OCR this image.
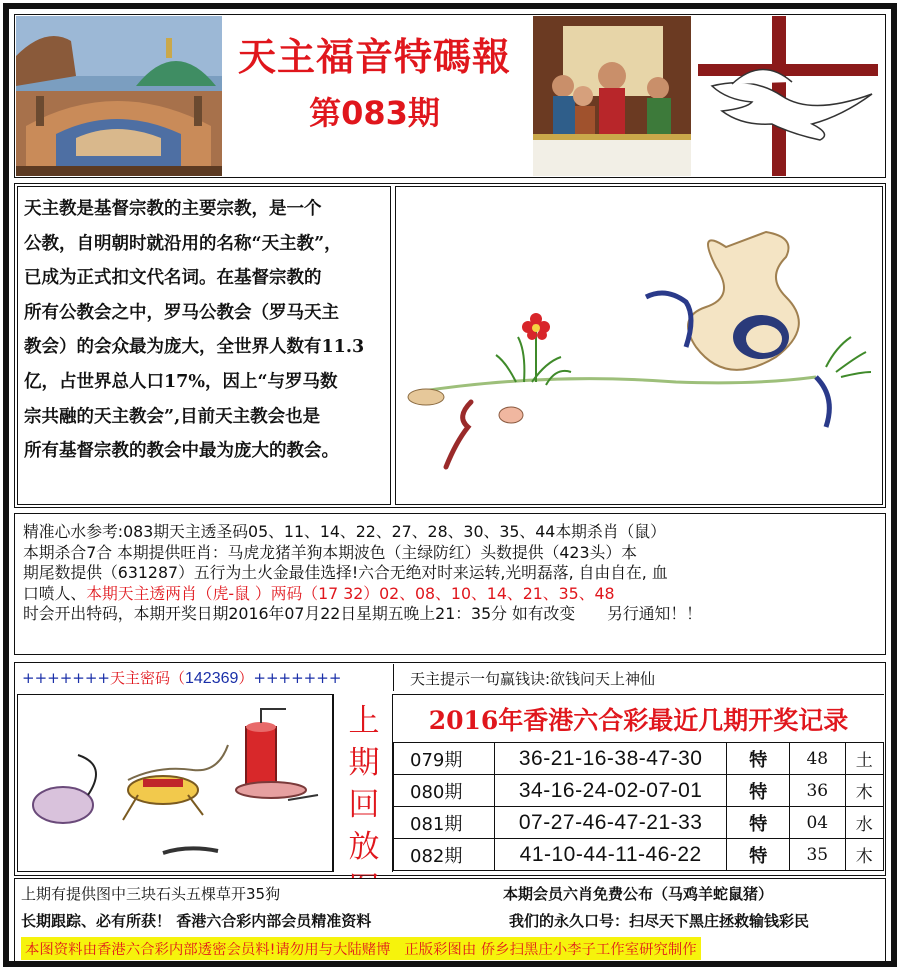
天主福音特碼報
第083期

天主教是基督宗教的主要宗教，是一个

公教，自明朝时就沿用的名称“天主教”，

已成为正式扣文代名词。在基督宗教的

所有公教会之中，罗马公教会（罗马天主

教会）的会众最为庞大，全世界人数有11.3

亿，占世界总人口17%，因上“与罗马数

宗共融的天主教会”,目前天主教会也是

所有基督宗教的教会中最为庞大的教会。

精准心水参考:083期天主透圣码05、11、14、22、27、28、30、35、44本期杀肖（鼠）

本期杀合7合 本期提供旺肖：马虎龙猪羊狗本期波色（主绿防红）头数提供（423头）本

期尾数提供（631287）五行为土火金最佳选择!六合无绝对时来运转,光明磊落, 自由自在, 血

口喷人、本期天主透两肖（虎-鼠 ）两码（17 32）02、08、10、14、21、35、48

时会开出特码，本期开奖日期2016年07月22日星期五晚上21：35分 如有改变 另行通知！！

+++++++天主密码（142369）+++++++	天主提示一句赢钱诀:欲钱问天上神仙
上
期
回
放
2016年香港六合彩最近几期开奖记录
079期	36-21-16-38-47-30	特	48	土
080期	34-16-24-02-07-01	特	36	木
081期	07-27-46-47-21-33	特	04	水
082期	41-10-44-11-46-22	特	35	木

上期有提供图中三块石头五棵草开35狗	本期会员六肖免费公布（马鸡羊蛇鼠猪）

长期跟踪、必有所获！ 香港六合彩内部会员精准资料	我们的永久口号：扫尽天下黑庄拯救输钱彩民

本图资料由香港六合彩内部透密会员料!请勿用与大陆赌博   正版彩图由 侨乡扫黑庄小李子工作室研究制作
